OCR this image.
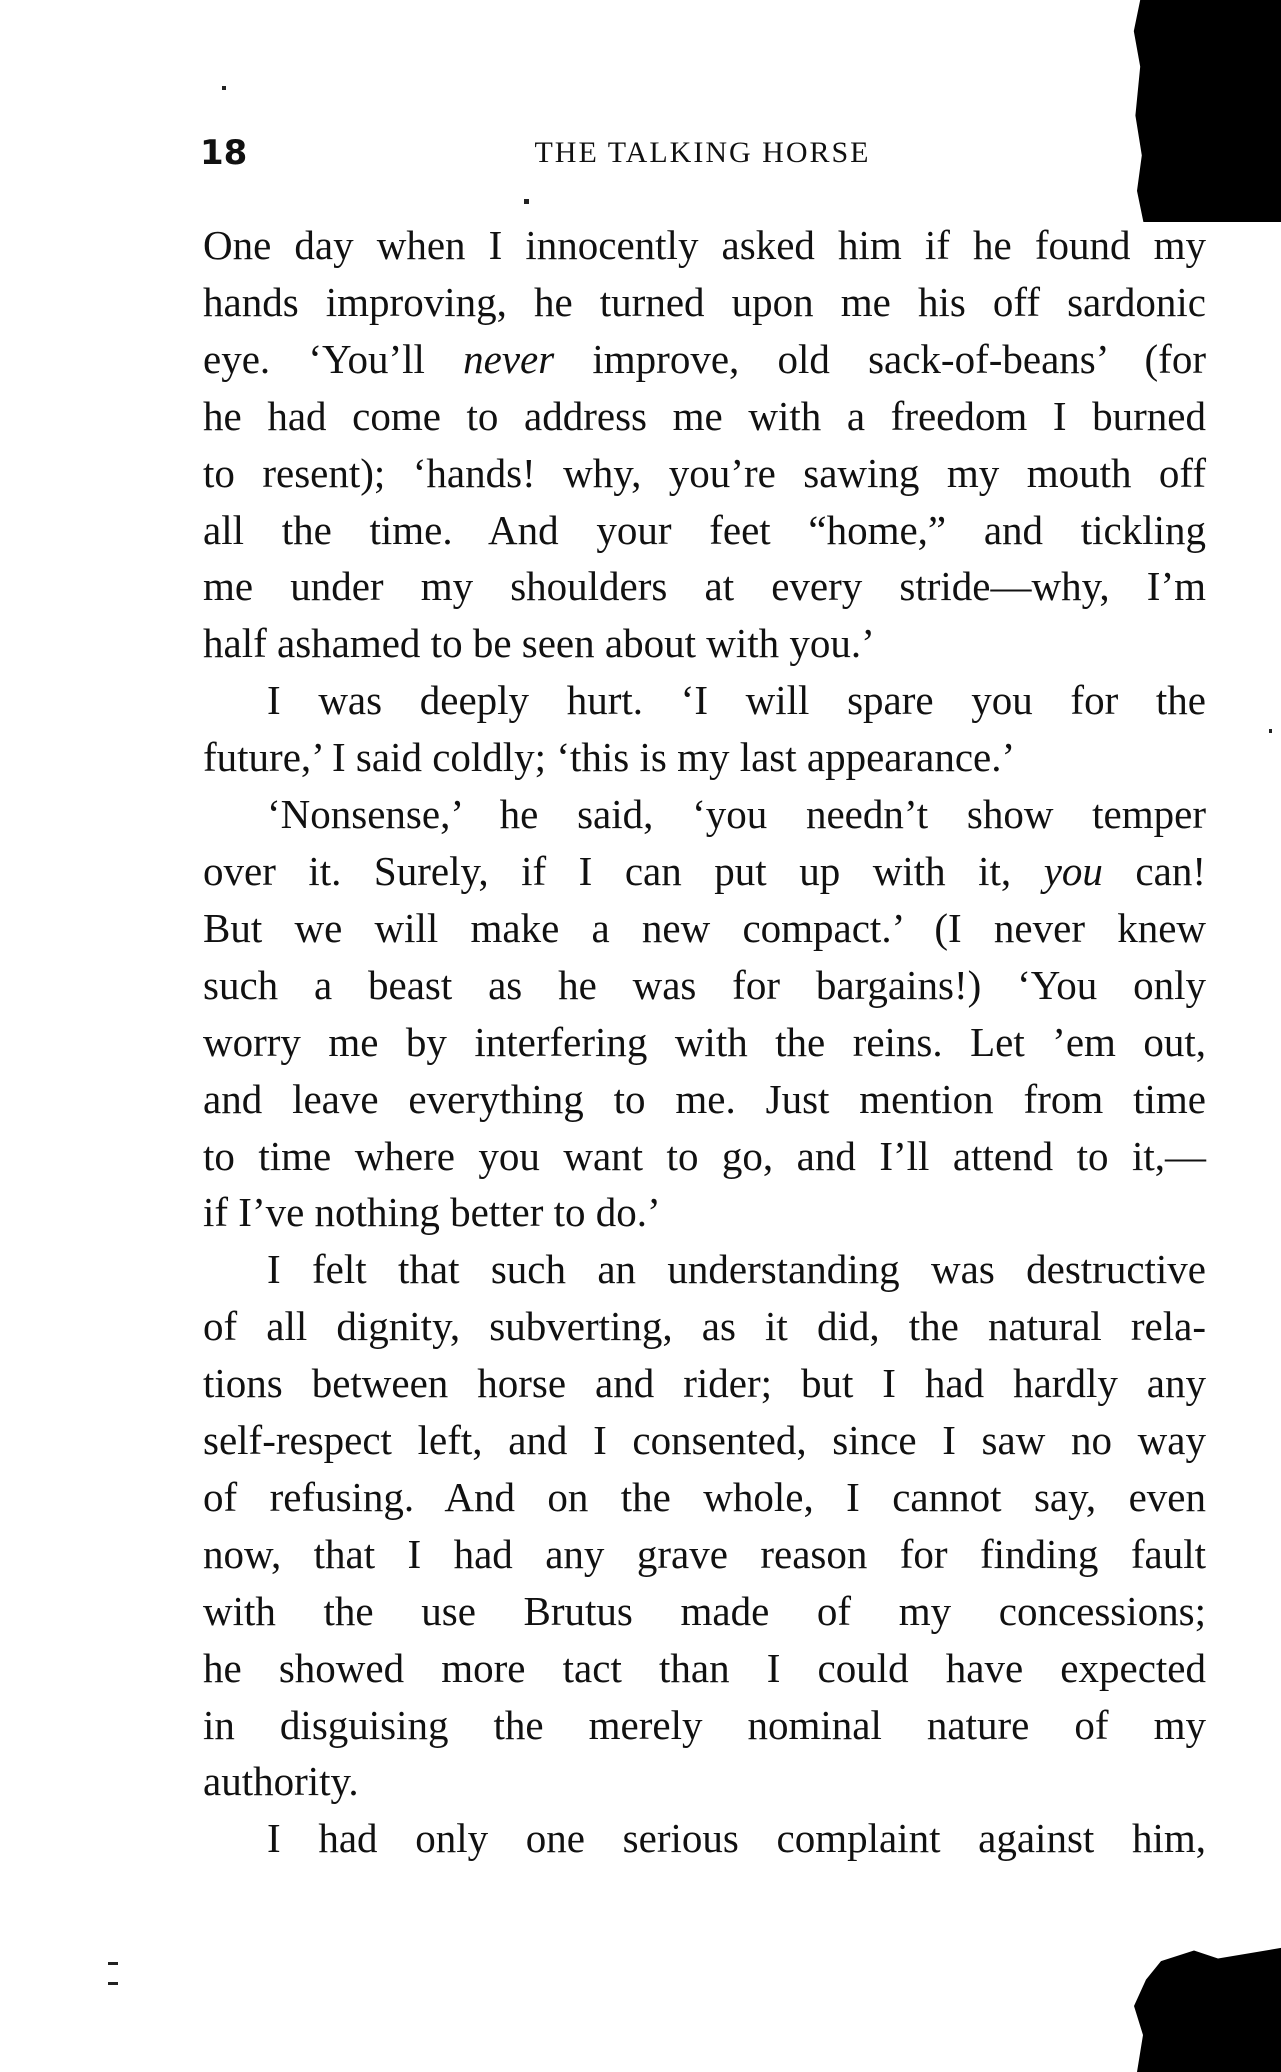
18	THE TALKING HORSE

One day when I innocently asked him if he found my
hands improving, he turned upon me his off sardonic
eye. ‘You’ll never improve, old sack-of-beans’ (for
he had come to address me with a freedom I burned
to resent); ‘hands! why, you’re sawing my mouth off
all the time. And your feet “home,” and tickling
me under my shoulders at every stride—why, I’m
half ashamed to be seen about with you.’

I was deeply hurt. ‘I will spare you for the
future,’ I said coldly; ‘this is my last appearance.’

‘Nonsense,’ he said, ‘you needn’t show temper
over it. Surely, if I can put up with it, you can!
But we will make a new compact.’ (I never knew
such a beast as he was for bargains!) ‘You only
worry me by interfering with the reins. Let ’em out,
and leave everything to me. Just mention from time
to time where you want to go, and I’ll attend to it,—
if I’ve nothing better to do.’

I felt that such an understanding was destructive
of all dignity, subverting, as it did, the natural rela-
tions between horse and rider; but I had hardly any
self-respect left, and I consented, since I saw no way
of refusing. And on the whole, I cannot say, even
now, that I had any grave reason for finding fault
with the use Brutus made of my concessions;
he showed more tact than I could have expected
in disguising the merely nominal nature of my
authority.

I had only one serious complaint against him,
